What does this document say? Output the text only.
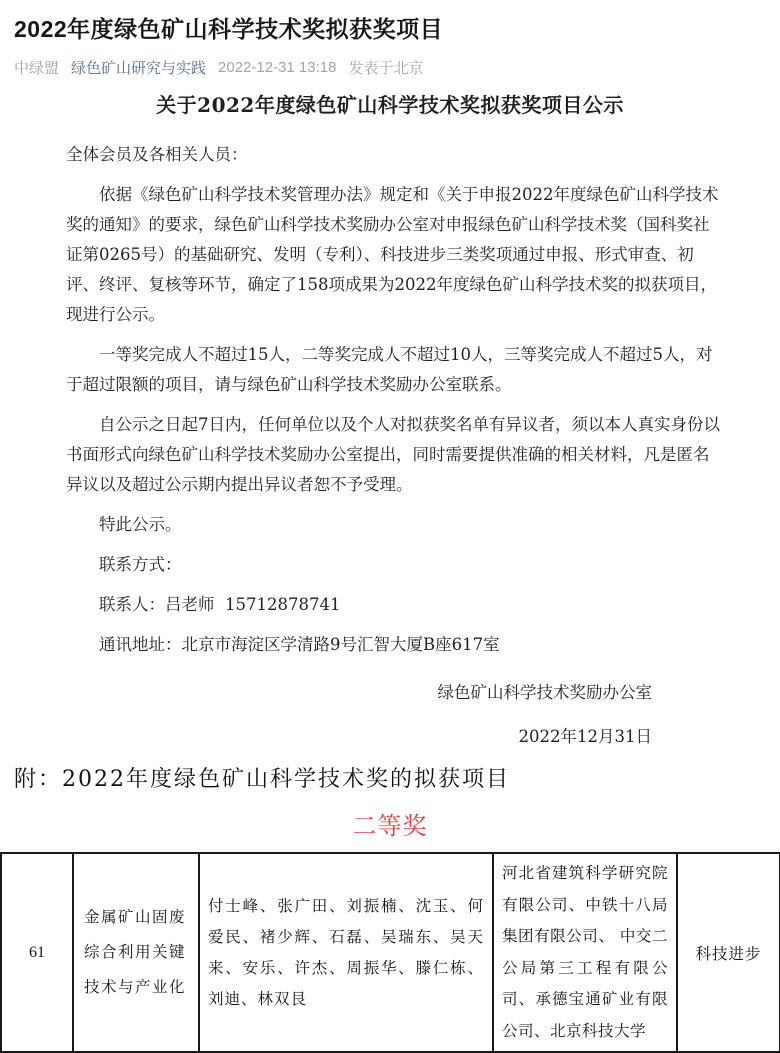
2022年度绿色矿山科学技术奖拟获奖项目
中绿盟 绿色矿山研究与实践 2022-12-31 13:18 发表于北京
关于2022年度绿色矿山科学技术奖拟获奖项目公示

全体会员及各相关人员：

依据《绿色矿山科学技术奖管理办法》规定和《关于申报2022年度绿色矿山科学技术奖的通知》的要求，绿色矿山科学技术奖励办公室对申报绿色矿山科学技术奖（国科奖社证第0265号）的基础研究、发明（专利）、科技进步三类奖项通过申报、形式审查、初评、终评、复核等环节，确定了158项成果为2022年度绿色矿山科学技术奖的拟获项目，现进行公示。

一等奖完成人不超过15人，二等奖完成人不超过10人，三等奖完成人不超过5人，对于超过限额的项目，请与绿色矿山科学技术奖励办公室联系。

自公示之日起7日内，任何单位以及个人对拟获奖名单有异议者，须以本人真实身份以书面形式向绿色矿山科学技术奖励办公室提出，同时需要提供准确的相关材料，凡是匿名异议以及超过公示期内提出异议者恕不予受理。

特此公示。

联系方式：

联系人：吕老师  15712878741

通讯地址：北京市海淀区学清路9号汇智大厦B座617室

绿色矿山科学技术奖励办公室

2022年12月31日

附：2022年度绿色矿山科学技术奖的拟获项目
二等奖
61	金属矿山固废综合利用关键技术与产业化	付士峰、张广田、刘振楠、沈玉、何爱民、褚少辉、石磊、吴瑞东、吴天来、安乐、许杰、周振华、滕仁栋、刘迪、林双艮	河北省建筑科学研究院有限公司、中铁十八局集团有限公司、 中交二公局第三工程有限公司、承德宝通矿业有限公司、北京科技大学	科技进步
